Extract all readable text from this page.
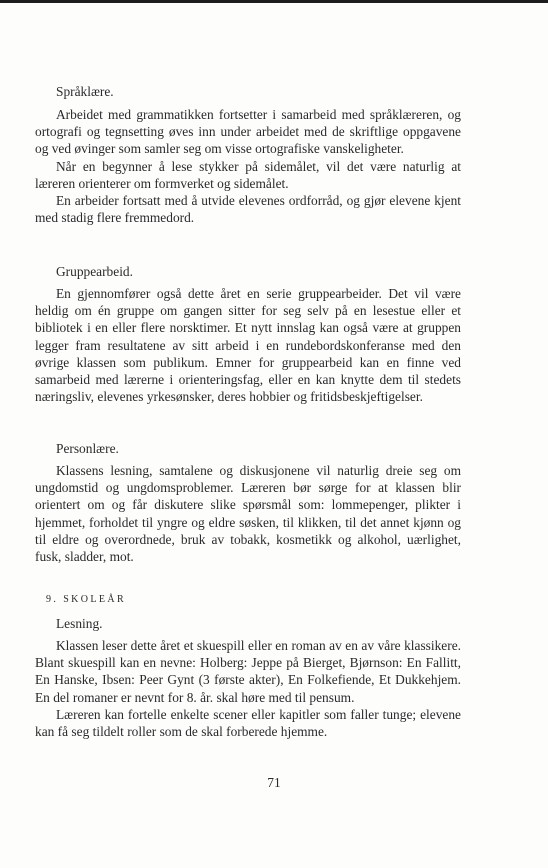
Språklære.

Arbeidet med grammatikken fortsetter i samarbeid med språklæreren, og ortografi og tegnsetting øves inn under arbeidet med de skriftlige oppgavene og ved øvinger som samler seg om visse ortografiske vanskeligheter.

Når en begynner å lese stykker på sidemålet, vil det være naturlig at læreren orienterer om formverket og sidemålet.

En arbeider fortsatt med å utvide elevenes ordforråd, og gjør elevene kjent med stadig flere fremmedord.

Gruppearbeid.

En gjennomfører også dette året en serie gruppearbeider. Det vil være heldig om én gruppe om gangen sitter for seg selv på en lesestue eller et bibliotek i en eller flere norsktimer. Et nytt innslag kan også være at gruppen legger fram resultatene av sitt arbeid i en rundebordskonferanse med den øvrige klassen som publikum. Emner for gruppearbeid kan en finne ved samarbeid med lærerne i orienteringsfag, eller en kan knytte dem til stedets næringsliv, elevenes yrkesønsker, deres hobbier og fritidsbeskjeftigelser.

Personlære.

Klassens lesning, samtalene og diskusjonene vil naturlig dreie seg om ungdomstid og ungdomsproblemer. Læreren bør sørge for at klassen blir orientert om og får diskutere slike spørsmål som: lommepenger, plikter i hjemmet, forholdet til yngre og eldre søsken, til klikken, til det annet kjønn og til eldre og overordnede, bruk av tobakk, kosmetikk og alkohol, uærlighet, fusk, sladder, mot.

9. SKOLEÅR
Lesning.

Klassen leser dette året et skuespill eller en roman av en av våre klassikere. Blant skuespill kan en nevne: Holberg: Jeppe på Bierget, Bjørnson: En Fallitt, En Hanske, Ibsen: Peer Gynt (3 første akter), En Folkefiende, Et Dukkehjem. En del romaner er nevnt for 8. år. skal høre med til pensum.

Læreren kan fortelle enkelte scener eller kapitler som faller tunge; elevene kan få seg tildelt roller som de skal forberede hjemme.

71
